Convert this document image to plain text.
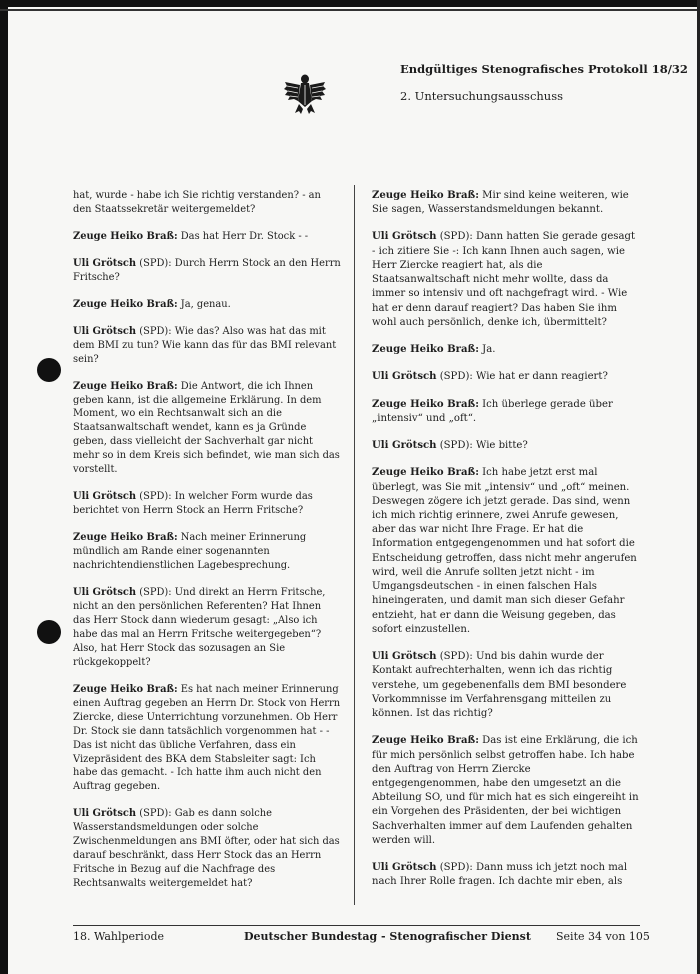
Endgültiges Stenografisches Protokoll 18/32
2. Untersuchungsausschuss

hat, wurde - habe ich Sie richtig verstanden? - an den Staatssekretär weitergemeldet?

Zeuge Heiko Braß: Das hat Herr Dr. Stock - -

Uli Grötsch (SPD): Durch Herrn Stock an den Herrn Fritsche?

Zeuge Heiko Braß: Ja, genau.

Uli Grötsch (SPD): Wie das? Also was hat das mit dem BMI zu tun? Wie kann das für das BMI relevant sein?

Zeuge Heiko Braß: Die Antwort, die ich Ihnen geben kann, ist die allgemeine Erklärung. In dem Moment, wo ein Rechtsanwalt sich an die Staatsanwaltschaft wendet, kann es ja Gründe geben, dass vielleicht der Sachverhalt gar nicht mehr so in dem Kreis sich befindet, wie man sich das vorstellt.

Uli Grötsch (SPD): In welcher Form wurde das berichtet von Herrn Stock an Herrn Fritsche?

Zeuge Heiko Braß: Nach meiner Erinnerung mündlich am Rande einer sogenannten nachrichtendienstlichen Lagebesprechung.

Uli Grötsch (SPD): Und direkt an Herrn Fritsche, nicht an den persönlichen Referenten? Hat Ihnen das Herr Stock dann wiederum gesagt: „Also ich habe das mal an Herrn Fritsche weitergegeben“? Also, hat Herr Stock das sozusagen an Sie rückgekoppelt?

Zeuge Heiko Braß: Es hat nach meiner Erinnerung einen Auftrag gegeben an Herrn Dr. Stock von Herrn Ziercke, diese Unterrichtung vorzunehmen. Ob Herr Dr. Stock sie dann tatsächlich vorgenommen hat - - Das ist nicht das übliche Verfahren, dass ein Vizepräsident des BKA dem Stabsleiter sagt: Ich habe das gemacht. - Ich hatte ihm auch nicht den Auftrag gegeben.

Uli Grötsch (SPD): Gab es dann solche Wasserstandsmeldungen oder solche Zwischenmeldungen ans BMI öfter, oder hat sich das darauf beschränkt, dass Herr Stock das an Herrn Fritsche in Bezug auf die Nachfrage des Rechtsanwalts weitergemeldet hat?

Zeuge Heiko Braß: Mir sind keine weiteren, wie Sie sagen, Wasserstandsmeldungen bekannt.

Uli Grötsch (SPD): Dann hatten Sie gerade gesagt - ich zitiere Sie -: Ich kann Ihnen auch sagen, wie Herr Ziercke reagiert hat, als die Staatsanwaltschaft nicht mehr wollte, dass da immer so intensiv und oft nachgefragt wird. - Wie hat er denn darauf reagiert? Das haben Sie ihm wohl auch persönlich, denke ich, übermittelt?

Zeuge Heiko Braß: Ja.

Uli Grötsch (SPD): Wie hat er dann reagiert?

Zeuge Heiko Braß: Ich überlege gerade über „intensiv“ und „oft“.

Uli Grötsch (SPD): Wie bitte?

Zeuge Heiko Braß: Ich habe jetzt erst mal überlegt, was Sie mit „intensiv“ und „oft“ meinen. Deswegen zögere ich jetzt gerade. Das sind, wenn ich mich richtig erinnere, zwei Anrufe gewesen, aber das war nicht Ihre Frage. Er hat die Information entgegengenommen und hat sofort die Entscheidung getroffen, dass nicht mehr angerufen wird, weil die Anrufe sollten jetzt nicht - im Umgangsdeutschen - in einen falschen Hals hineingeraten, und damit man sich dieser Gefahr entzieht, hat er dann die Weisung gegeben, das sofort einzustellen.

Uli Grötsch (SPD): Und bis dahin wurde der Kontakt aufrechterhalten, wenn ich das richtig verstehe, um gegebenenfalls dem BMI besondere Vorkommnisse im Verfahrensgang mitteilen zu können. Ist das richtig?

Zeuge Heiko Braß: Das ist eine Erklärung, die ich für mich persönlich selbst getroffen habe. Ich habe den Auftrag von Herrn Ziercke entgegengenommen, habe den umgesetzt an die Abteilung SO, und für mich hat es sich eingereiht in ein Vorgehen des Präsidenten, der bei wichtigen Sachverhalten immer auf dem Laufenden gehalten werden will.

Uli Grötsch (SPD): Dann muss ich jetzt noch mal nach Ihrer Rolle fragen. Ich dachte mir eben, als

18. Wahlperiode	Deutscher Bundestag - Stenografischer Dienst Seite 34 von 105
